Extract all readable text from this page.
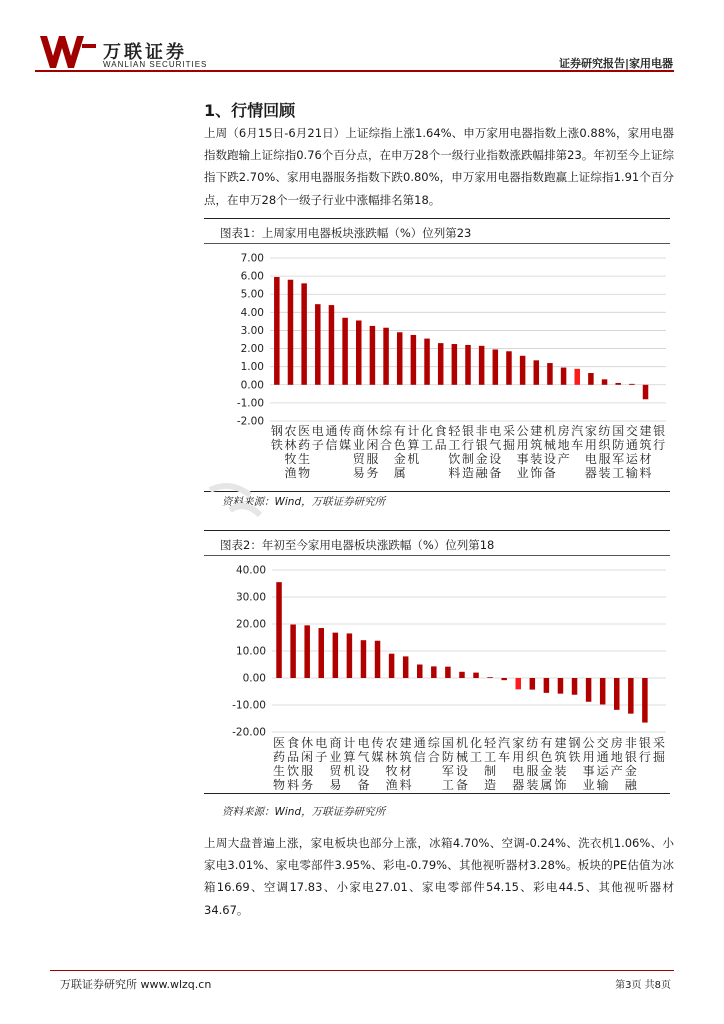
万联证券
WANLIAN SECURITIES	证券研究报告|家用电器
1、行情回顾
上周（6月15日-6月21日）上证综指上涨1.64%、申万家用电器指数上涨0.88%，家用电器指数跑输上证综指0.76个百分点，在申万28个一级行业指数涨跌幅排第23。年初至今上证综指下跌2.70%、家用电器服务指数下跌0.80%，申万家用电器指数跑赢上证综指1.91个百分点，在申万28个一级子行业中涨幅排名第18。
图表1：上周家用电器板块涨跌幅（%）位列第23
-2.00
-1.00
0.00
1.00
2.00
3.00
4.00
5.00
6.00
7.00
钢
铁
农
林
牧
渔
医
药
生
物
电
子
通
信
传
媒
商
业
贸
易
休
闲
服
务
综
合
有
色
金
属
计
算
机
化
工
食
品
轻
工
饮
料
银
行
制
造
非
银
金
融
电
气
设
备
采
掘
公
用
事
业
建
筑
装
饰
机
械
设
备
房
地
产
汽
车
家
用
电
器
纺
织
服
装
国
防
军
工
交
通
运
输
建
筑
材
料
银
行
资料来源：Wind，万联证券研究所
图表2：年初至今家用电器板块涨跌幅（%）位列第18
-20.00
-10.00
0.00
10.00
20.00
30.00
40.00
医
药
生
物
食
品
饮
料
休
闲
服
务
电
子
商
业
贸
易
计
算
机
电
气
设
备
传
媒
农
林
牧
渔
建
筑
材
料
通
信
综
合
国
防
军
工
机
械
设
备
化
工
轻
工
制
造
汽
车
家
用
电
器
纺
织
服
装
有
色
金
属
建
筑
装
饰
钢
铁
公
用
事
业
交
通
运
输
房
地
产
非
银
金
融
银
行
采
掘
资料来源：Wind，万联证券研究所
上周大盘普遍上涨，家电板块也部分上涨，冰箱4.70%、空调-0.24%、洗衣机1.06%、小家电3.01%、家电零部件3.95%、彩电-0.79%、其他视听器材3.28%。板块的PE估值为冰箱16.69、空调17.83、小家电27.01、家电零部件54.15、彩电44.5、其他视听器材34.67。
万联证券研究所 www.wlzq.cn	第3页 共8页
